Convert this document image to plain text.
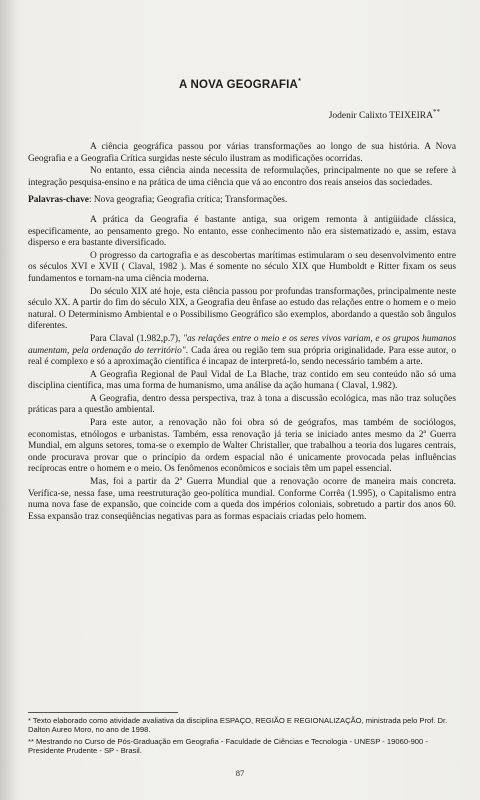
A NOVA GEOGRAFIA*
Jodenir Calixto TEIXEIRA**

A ciência geográfica passou por várias transformações ao longo de sua história. A Nova Geografia e a Geografia Crítica surgidas neste século ilustram as modificações ocorridas.

No entanto, essa ciência ainda necessita de reformulações, principalmente no que se refere à integração pesquisa-ensino e na prática de uma ciência que vá ao encontro dos reais anseios das sociedades.

Palavras-chave: Nova geografia; Geografia crítica; Transformações.

A prática da Geografia é bastante antiga, sua origem remonta à antigüidade clássica, especificamente, ao pensamento grego. No entanto, esse conhecimento não era sistematizado e, assim, estava disperso e era bastante diversificado.

O progresso da cartografia e as descobertas marítimas estimularam o seu desenvolvimento entre os séculos XVI e XVII ( Claval, 1982 ). Mas é somente no século XIX que Humboldt e Ritter fixam os seus fundamentos e tornam-na uma ciência moderna.

Do século XIX até hoje, esta ciência passou por profundas transformações, principalmente neste século XX. A partir do fim do século XIX, a Geografia deu ênfase ao estudo das relações entre o homem e o meio natural. O Determinismo Ambiental e o Possibilismo Geográfico são exemplos, abordando a questão sob ângulos diferentes.

Para Claval (1.982,p.7), "as relações entre o meio e os seres vivos variam, e os grupos humanos aumentam, pela ordenação do território". Cada área ou região tem sua própria originalidade. Para esse autor, o real é complexo e só a aproximação científica é incapaz de interpretá-lo, sendo necessário também a arte.

A Geografia Regional de Paul Vidal de La Blache, traz contido em seu conteúdo não só uma disciplina científica, mas uma forma de humanismo, uma análise da ação humana ( Claval, 1.982).

A Geografia, dentro dessa perspectiva, traz à tona a discussão ecológica, mas não traz soluções práticas para a questão ambiental.

Para este autor, a renovação não foi obra só de geógrafos, mas também de sociólogos, economistas, etnólogos e urbanistas. Também, essa renovação já teria se iniciado antes mesmo da 2ª Guerra Mundial, em alguns setores, toma-se o exemplo de Walter Christaller, que trabalhou a teoria dos lugares centrais, onde procurava provar que o princípio da ordem espacial não é unicamente provocada pelas influências recíprocas entre o homem e o meio. Os fenômenos econômicos e sociais têm um papel essencial.

Mas, foi a partir da 2ª Guerra Mundial que a renovação ocorre de maneira mais concreta. Verifica-se, nessa fase, uma reestruturação geo-política mundial. Conforme Corrêa (1.995), o Capitalismo entra numa nova fase de expansão, que coincide com a queda dos impérios coloniais, sobretudo a partir dos anos 60. Essa expansão traz conseqüências negativas para as formas espaciais criadas pelo homem.

* Texto elaborado como atividade avaliativa da disciplina ESPAÇO, REGIÃO E REGIONALIZAÇÃO, ministrada pelo Prof. Dr. Dalton Aureo Moro, no ano de 1998.

** Mestrando no Curso de Pós-Graduação em Geografia - Faculdade de Ciências e Tecnologia - UNESP - 19060-900 - Presidente Prudente - SP - Brasil.

87
